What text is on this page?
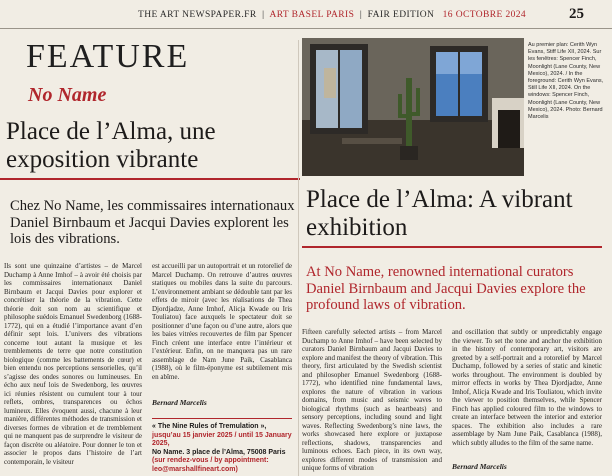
THE ART NEWSPAPER.FR  |  ART BASEL PARIS  |  FAIR EDITION 16 OCTOBRE 2024	25
FEATURE
No Name
Place de l’Alma, une exposition vibrante
Chez No Name, les commissaires internationaux Daniel Birnbaum et Jacqui Davies explorent les lois des vibrations.
Ils sont une quinzaine d’artistes – de Marcel Duchamp à Anne Imhof – à avoir été choisis par les commissaires internationaux Daniel Birnbaum et Jacqui Davies pour explorer et concrétiser la théorie de la vibration. Cette théorie doit son nom au scientifique et philosophe suédois Emanuel Swedenborg (1688-1772), qui en a étudié l’importance avant d’en définir sept lois. L’univers des vibrations concerne tout autant la musique et les tremblements de terre que notre constitution biologique (comme les battements de cœur) et bien entendu nos perceptions sensorielles, qu’il s’agisse des ondes sonores ou lumineuses. En écho aux neuf lois de Swedenborg, les œuvres ici réunies résistent ou cumulent tour à tour reflets, ombres, transparences ou échos lumineux. Elles évoquent aussi, chacune à leur manière, différentes méthodes de transmission et diverses formes de vibration et de tremblement qui ne manquent pas de surprendre le visiteur de façon discrète ou aléatoire. Pour donner le ton et associer le propos dans l’histoire de l’art contemporain, le visiteur
est accueilli par un autoportrait et un rotorelief de Marcel Duchamp. On retrouve d’autres œuvres statiques ou mobiles dans la suite du parcours. L’environnement ambiant se dédouble tant par les effets de miroir (avec les réalisations de Thea Djordjadze, Anne Imhof, Alicja Kwade ou Iris Touliatou) face auxquels le spectateur doit se positionner d’une façon ou d’une autre, alors que les baies vitrées recouvertes de film par Spencer Finch créent une interface entre l’intérieur et l’extérieur. Enfin, on ne manquera pas un rare assemblage de Nam June Paik, Casablanca (1988), où le film-éponyme est subtilement mis en abîme.
Bernard Marcelis
« The Nine Rules of Tremulation »,
jusqu’au 15 janvier 2025 / until 15 January 2025,
No Name. 3 place de l’Alma, 75008 Paris
(sur rendez-vous / by appointment:
leo@marshallfineart.com)
Au premier plan: Cerith Wyn Evans, Stiff Life XII, 2024. Sur les fenêtres: Spencer Finch, Moonlight (Lane County, New Mexico), 2024. / In the foreground: Cerith Wyn Evans, Still Life XII, 2024. On the windows: Spencer Finch, Moonlight (Lane County, New Mexico), 2024. Photo: Bernard Marcelis
Place de l’Alma: A vibrant exhibition
At No Name, renowned international curators Daniel Birnbaum and Jacqui Davies explore the profound laws of vibration.
Fifteen carefully selected artists – from Marcel Duchamp to Anne Imhof – have been selected by curators Daniel Birnbaum and Jacqui Davies to explore and manifest the theory of vibration. This theory, first articulated by the Swedish scientist and philosopher Emanuel Swedenborg (1688-1772), who identified nine fundamental laws, explores the nature of vibration in various domains, from music and seismic waves to biological rhythms (such as heartbeats) and sensory perceptions, including sound and light waves. Reflecting Swedenborg’s nine laws, the works showcased here explore or juxtapose reflections, shadows, transparencies and luminous echoes. Each piece, in its own way, explores different modes of transmission and unique forms of vibration
and oscillation that subtly or unpredictably engage the viewer. To set the tone and anchor the exhibition in the history of contemporary art, visitors are greeted by a self-portrait and a rotorelief by Marcel Duchamp, followed by a series of static and kinetic works throughout. The environment is doubled by mirror effects in works by Thea Djordjadze, Anne Imhof, Alicja Kwade and Iris Touliatou, which invite the viewer to position themselves, while Spencer Finch has applied coloured film to the windows to create an interface between the interior and exterior spaces. The exhibition also includes a rare assemblage by Nam June Paik, Casablanca (1988), which subtly alludes to the film of the same name.
Bernard Marcelis
